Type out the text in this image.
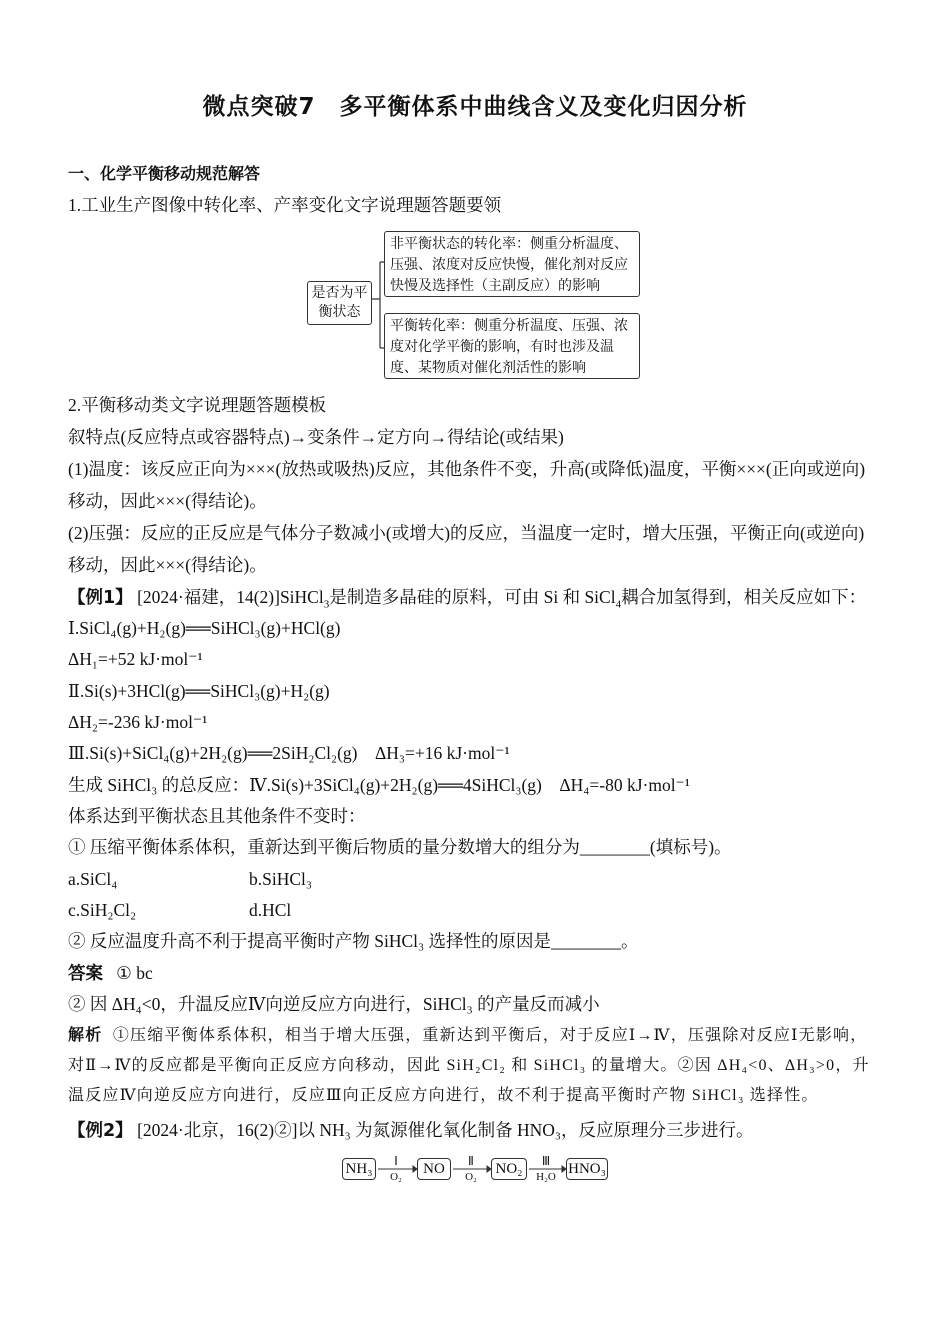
微点突破7　多平衡体系中曲线含义及变化归因分析
一、化学平衡移动规范解答
1.工业生产图像中转化率、产率变化文字说理题答题要领
是否为平衡状态
非平衡状态的转化率：侧重分析温度、压强、浓度对反应快慢，催化剂对反应快慢及选择性（主副反应）的影响
平衡转化率：侧重分析温度、压强、浓度对化学平衡的影响，有时也涉及温度、某物质对催化剂活性的影响
2.平衡移动类文字说理题答题模板
叙特点(反应特点或容器特点)→变条件→定方向→得结论(或结果)
(1)温度：该反应正向为×××(放热或吸热)反应，其他条件不变，升高(或降低)温度，平衡×××(正向或逆向)移动，因此×××(得结论)。
(2)压强：反应的正反应是气体分子数减小(或增大)的反应，当温度一定时，增大压强，平衡正向(或逆向)移动，因此×××(得结论)。
【例1】 [2024·福建，14(2)]SiHCl$_3$是制造多晶硅的原料，可由 Si 和 SiCl$_4$耦合加氢得到，相关反应如下：
Ⅰ.SiCl₄(g)+H₂(g)══SiHCl₃(g)+HCl(g)
ΔH₁=+52 kJ·mol⁻¹
Ⅱ.Si(s)+3HCl(g)══SiHCl₃(g)+H₂(g)
ΔH₂=-236 kJ·mol⁻¹
Ⅲ.Si(s)+SiCl₄(g)+2H₂(g)══2SiH₂Cl₂(g)　ΔH₃=+16 kJ·mol⁻¹
生成 SiHCl₃ 的总反应：Ⅳ.Si(s)+3SiCl₄(g)+2H₂(g)══4SiHCl₃(g)　ΔH₄=-80 kJ·mol⁻¹
体系达到平衡状态且其他条件不变时：
① 压缩平衡体系体积，重新达到平衡后物质的量分数增大的组分为________(填标号)。
a.SiCl₄	b.SiHCl₃
c.SiH₂Cl₂	d.HCl
② 反应温度升高不利于提高平衡时产物 SiHCl₃ 选择性的原因是________。
答案 ① bc
② 因 ΔH₄<0，升温反应Ⅳ向逆反应方向进行，SiHCl₃ 的产量反而减小
解析 ①压缩平衡体系体积，相当于增大压强，重新达到平衡后，对于反应Ⅰ→Ⅳ，压强除对反应Ⅰ无影响，对Ⅱ→Ⅳ的反应都是平衡向正反应方向移动，因此 SiH₂Cl₂ 和 SiHCl₃ 的量增大。②因 ΔH₄<0、ΔH₃>0，升温反应Ⅳ向逆反应方向进行，反应Ⅲ向正反应方向进行，故不利于提高平衡时产物 SiHCl₃ 选择性。
【例2】 [2024·北京，16(2)②]以 NH₃ 为氮源催化氧化制备 HNO₃，反应原理分三步进行。
NH₃	NO	NO₂	HNO₃
Ⅰ
O₂
Ⅱ
O₂
Ⅲ
H₂O
